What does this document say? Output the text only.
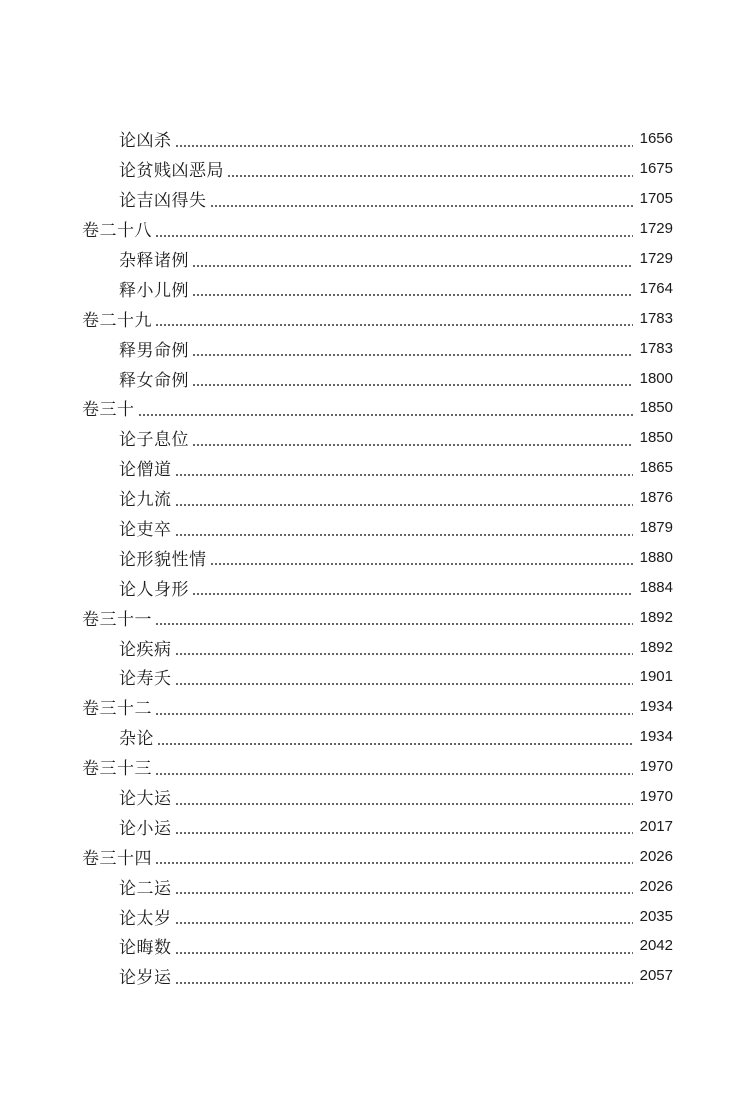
论凶杀	1656
论贫贱凶恶局	1675
论吉凶得失	1705
卷二十八	1729
杂释诸例	1729
释小儿例	1764
卷二十九	1783
释男命例	1783
释女命例	1800
卷三十	1850
论子息位	1850
论僧道	1865
论九流	1876
论吏卒	1879
论形貌性情	1880
论人身形	1884
卷三十一	1892
论疾病	1892
论寿夭	1901
卷三十二	1934
杂论	1934
卷三十三	1970
论大运	1970
论小运	2017
卷三十四	2026
论二运	2026
论太岁	2035
论晦数	2042
论岁运	2057
